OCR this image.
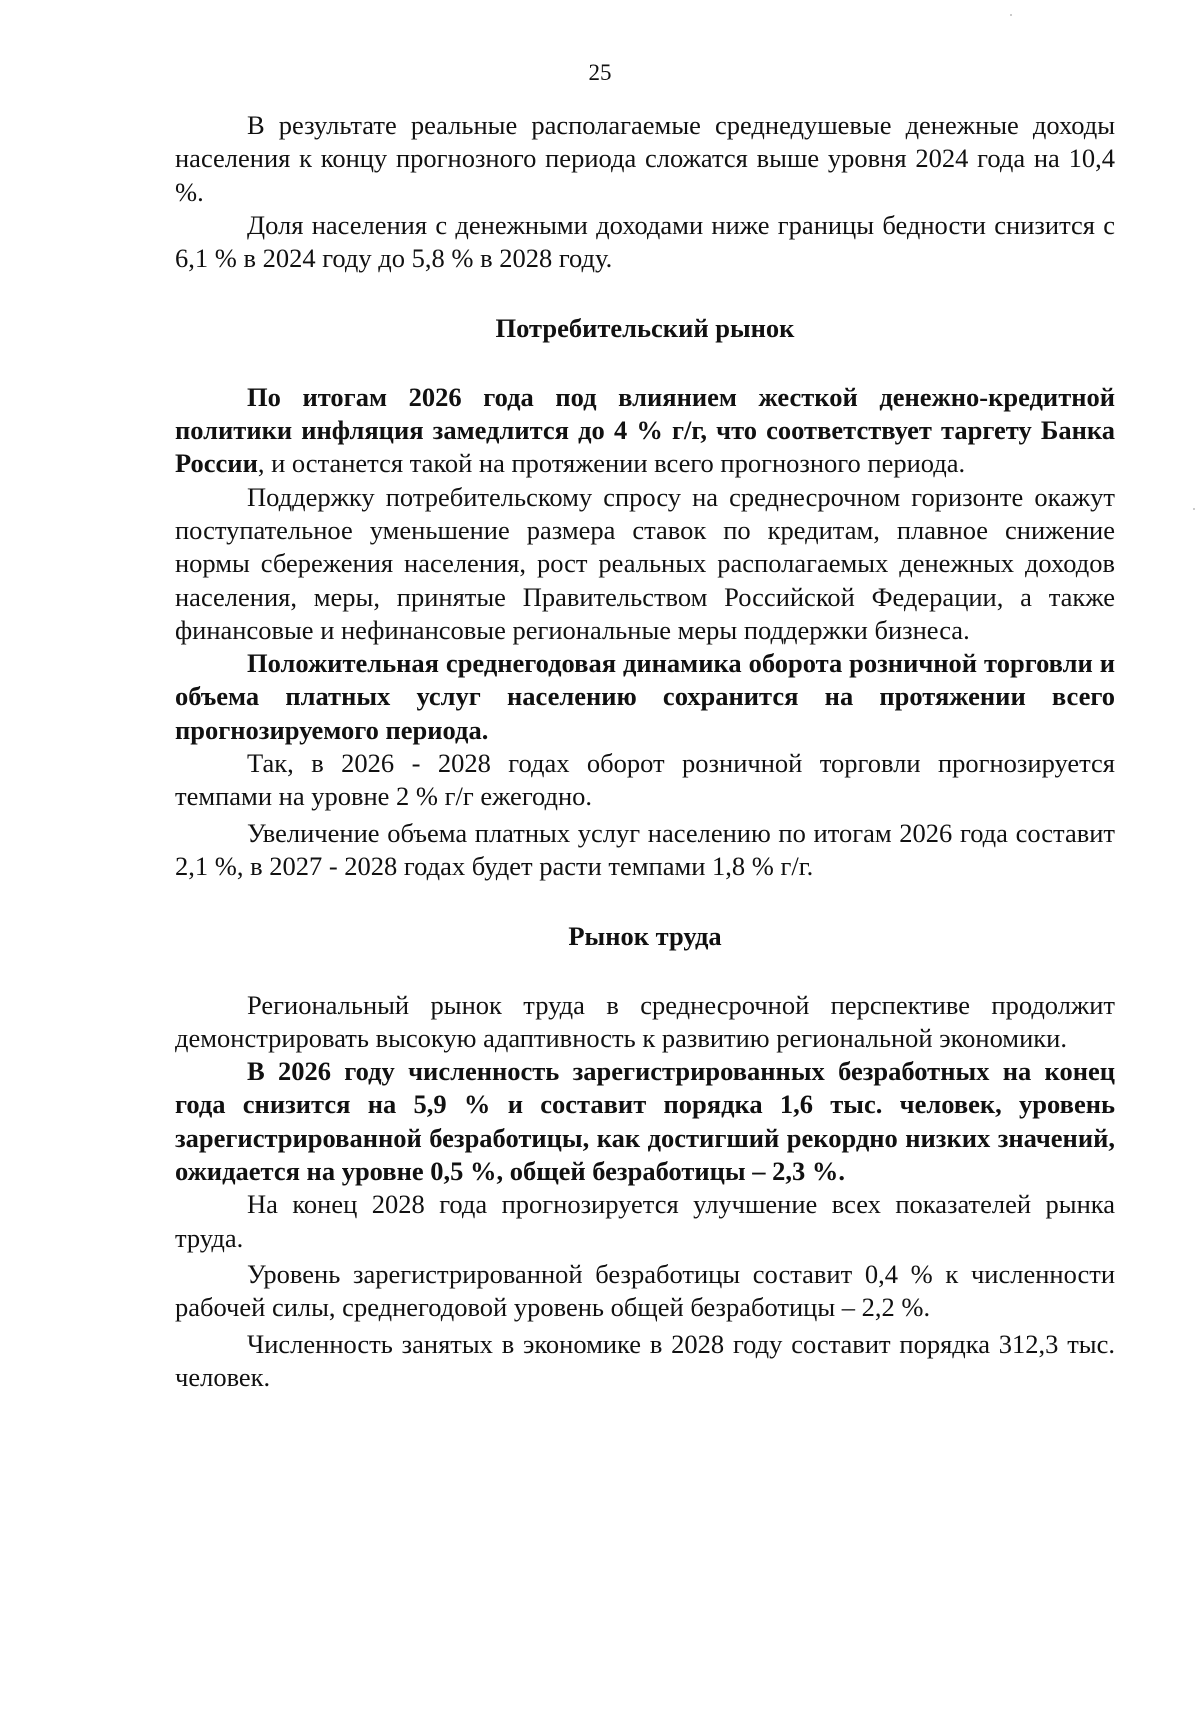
25

В результате реальные располагаемые среднедушевые денежные доходы населения к концу прогнозного периода сложатся выше уровня 2024 года на 10,4 %.

Доля населения с денежными доходами ниже границы бедности снизится с 6,1 % в 2024 году до 5,8 % в 2028 году.

Потребительский рынок

По итогам 2026 года под влиянием жесткой денежно-кредитной политики инфляция замедлится до 4 % г/г, что соответствует таргету Банка России, и останется такой на протяжении всего прогнозного периода.

Поддержку потребительскому спросу на среднесрочном горизонте окажут поступательное уменьшение размера ставок по кредитам, плавное снижение нормы сбережения населения, рост реальных располагаемых денежных доходов населения, меры, принятые Правительством Российской Федерации, а также финансовые и нефинансовые региональные меры поддержки бизнеса.

Положительная среднегодовая динамика оборота розничной торговли и объема платных услуг населению сохранится на протяжении всего прогнозируемого периода.

Так, в 2026 - 2028 годах оборот розничной торговли прогнозируется темпами на уровне 2 % г/г ежегодно.

Увеличение объема платных услуг населению по итогам 2026 года составит 2,1 %, в 2027 - 2028 годах будет расти темпами 1,8 % г/г.

Рынок труда

Региональный рынок труда в среднесрочной перспективе продолжит демонстрировать высокую адаптивность к развитию региональной экономики.

В 2026 году численность зарегистрированных безработных на конец года снизится на 5,9 % и составит порядка 1,6 тыс. человек, уровень зарегистрированной безработицы, как достигший рекордно низких значений, ожидается на уровне 0,5 %, общей безработицы – 2,3 %.

На конец 2028 года прогнозируется улучшение всех показателей рынка труда.

Уровень зарегистрированной безработицы составит 0,4 % к численности рабочей силы, среднегодовой уровень общей безработицы – 2,2 %.

Численность занятых в экономике в 2028 году составит порядка 312,3 тыс. человек.
